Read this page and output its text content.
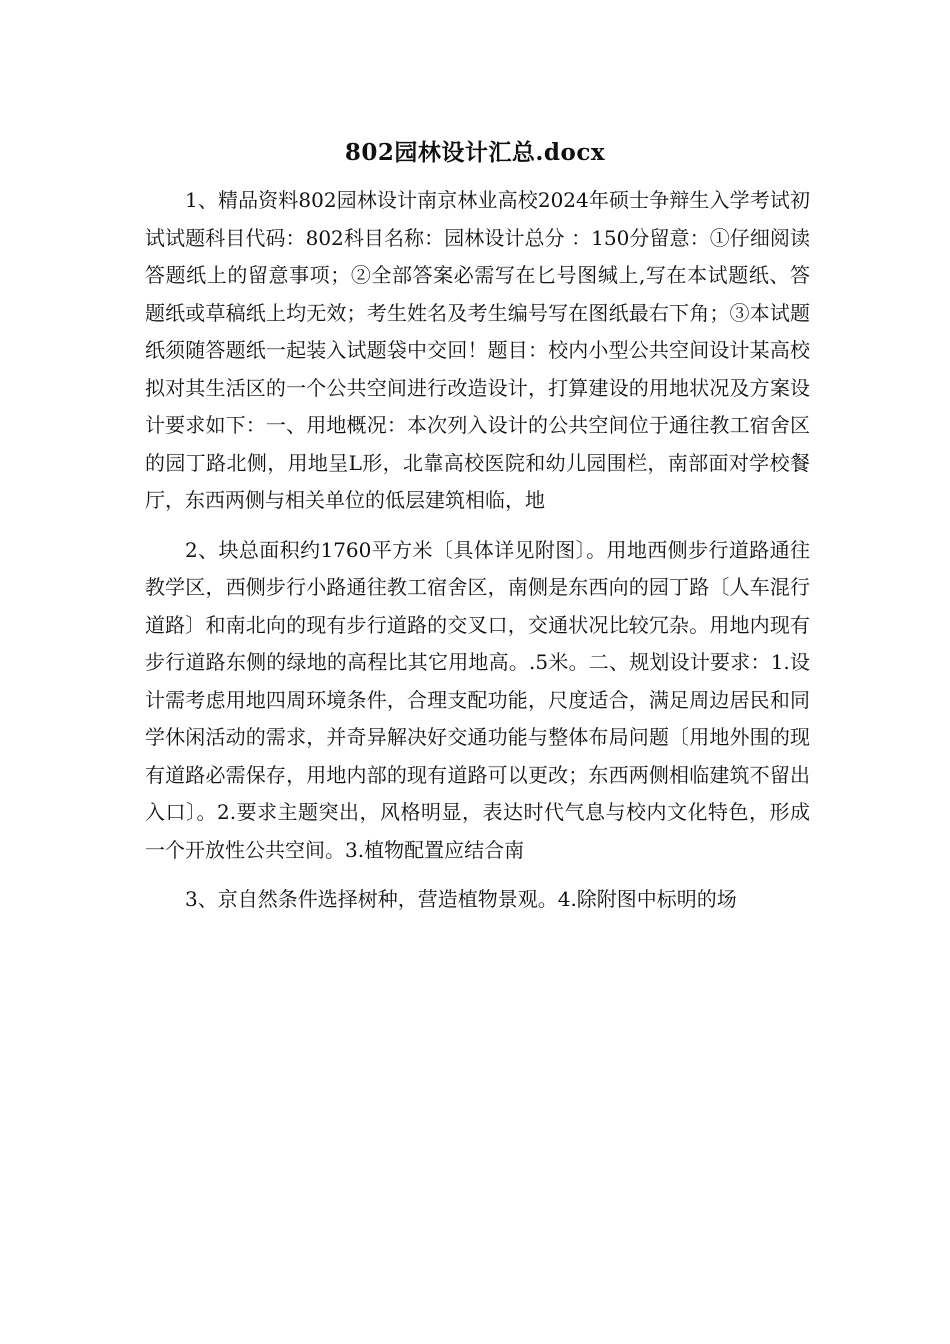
802园林设计汇总.docx

1、精品资料802园林设计南京林业高校2024年硕士争辩生入学考试初试试题科目代码：802科目名称：园林设计总分 ：150分留意：①仔细阅读答题纸上的留意事项；②全部答案必需写在匕号图缄上,写在本试题纸、答题纸或草稿纸上均无效；考生姓名及考生编号写在图纸最右下角；③本试题纸须随答题纸一起装入试题袋中交回！题目：校内小型公共空间设计某高校拟对其生活区的一个公共空间进行改造设计，打算建设的用地状况及方案设计要求如下：一、用地概况：本次列入设计的公共空间位于通往教工宿舍区的园丁路北侧，用地呈L形，北靠高校医院和幼儿园围栏，南部面对学校餐厅，东西两侧与相关单位的低层建筑相临，地

2、块总面积约1760平方米〔具体详见附图〕。用地西侧步行道路通往教学区，西侧步行小路通往教工宿舍区，南侧是东西向的园丁路〔人车混行道路〕和南北向的现有步行道路的交叉口，交通状况比较冗杂。用地内现有步行道路东侧的绿地的高程比其它用地高。.5米。二、规划设计要求：1.设计需考虑用地四周环境条件，合理支配功能，尺度适合，满足周边居民和同学休闲活动的需求，并奇异解决好交通功能与整体布局问题〔用地外围的现有道路必需保存，用地内部的现有道路可以更改；东西两侧相临建筑不留出入口〕。2.要求主题突出，风格明显，表达时代气息与校内文化特色，形成一个开放性公共空间。3.植物配置应结合南

3、京自然条件选择树种，营造植物景观。4.除附图中标明的场
